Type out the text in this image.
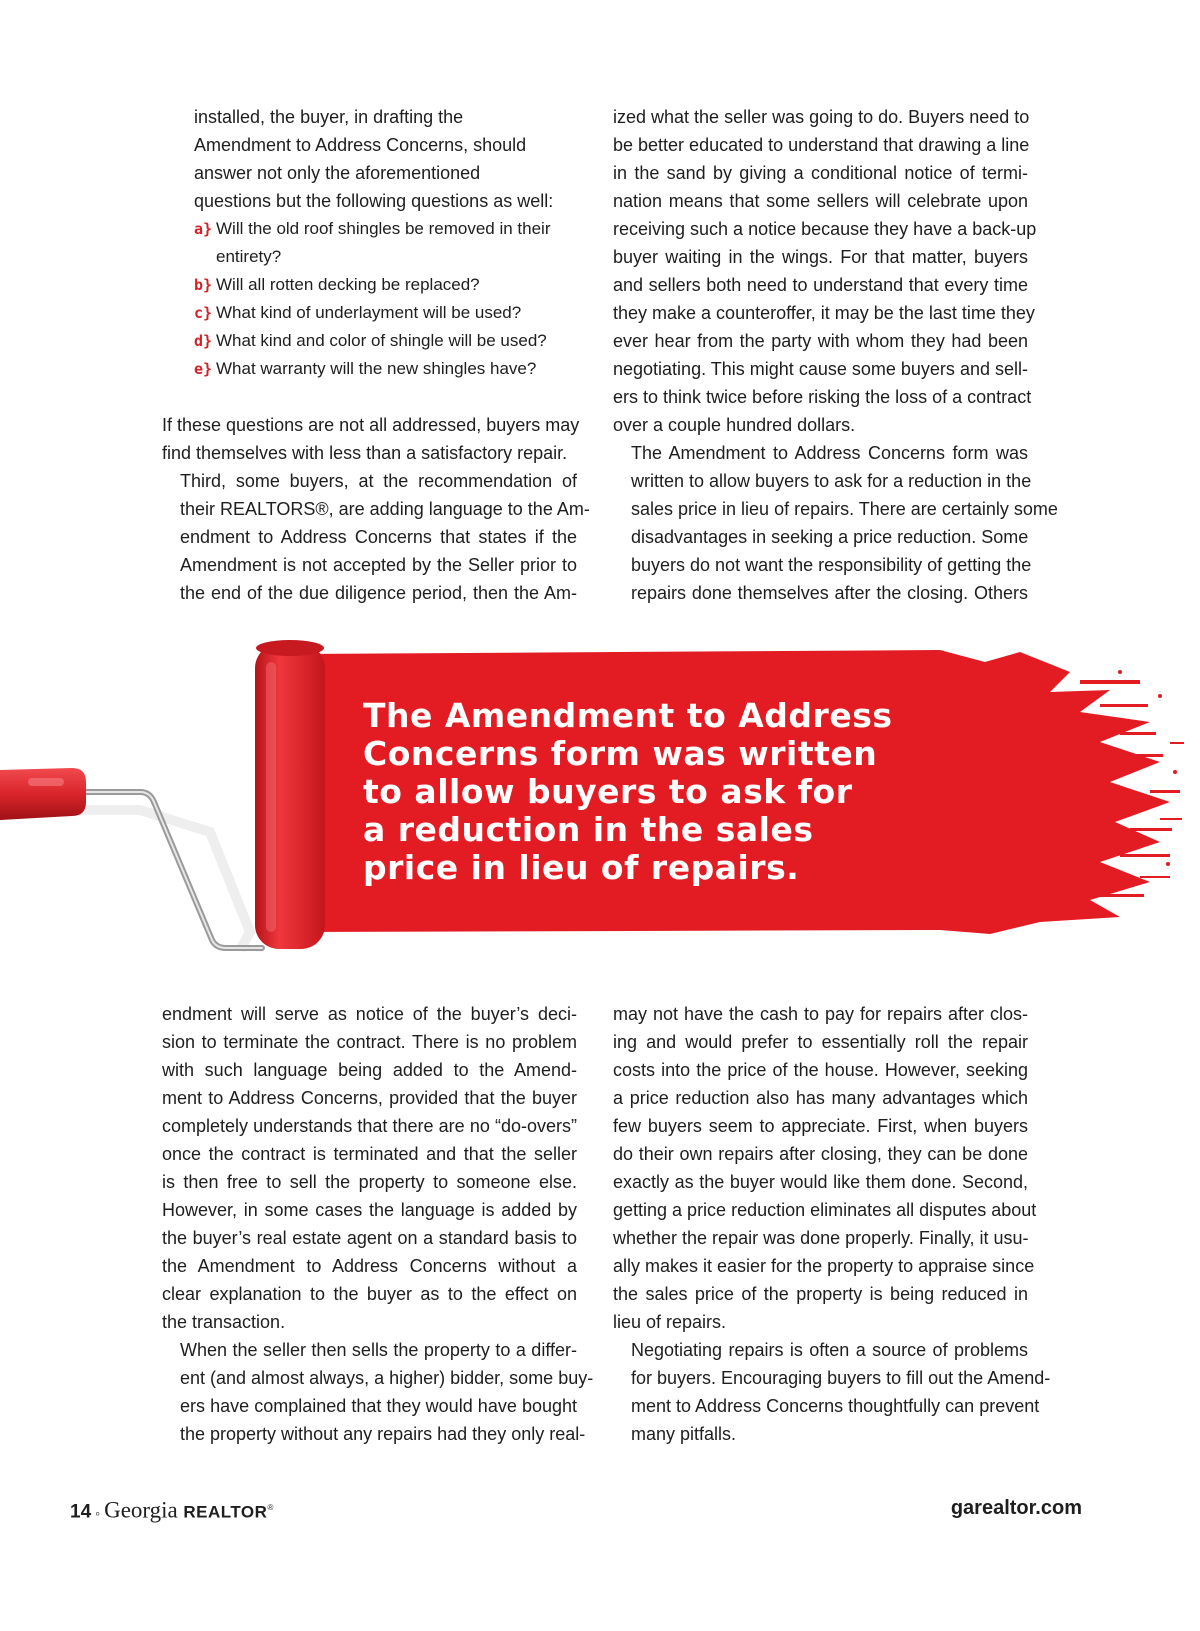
installed, the buyer, in drafting the Amendment to Address Concerns, should answer not only the aforementioned questions but the following questions as well:

a} Will the old roof shingles be removed in their entirety?
b} Will all rotten decking be replaced?
c} What kind of underlayment will be used?
d} What kind and color of shingle will be used?
e} What warranty will the new shingles have?

If these questions are not all addressed, buyers may
find themselves with less than a satisfactory repair.

Third, some buyers, at the recommendation of
their REALTORS®, are adding language to the Am-
endment to Address Concerns that states if the
Amendment is not accepted by the Seller prior to
the end of the due diligence period, then the Am-

ized what the seller was going to do. Buyers need to
be better educated to understand that drawing a line
in the sand by giving a conditional notice of termi-
nation means that some sellers will celebrate upon
receiving such a notice because they have a back-up
buyer waiting in the wings. For that matter, buyers
and sellers both need to understand that every time
they make a counteroffer, it may be the last time they
ever hear from the party with whom they had been
negotiating. This might cause some buyers and sell-
ers to think twice before risking the loss of a contract
over a couple hundred dollars.

The Amendment to Address Concerns form was
written to allow buyers to ask for a reduction in the
sales price in lieu of repairs. There are certainly some
disadvantages in seeking a price reduction. Some
buyers do not want the responsibility of getting the
repairs done themselves after the closing. Others

The Amendment to Address
Concerns form was written
to allow buyers to ask for
a reduction in the sales
price in lieu of repairs.

endment will serve as notice of the buyer’s deci-
sion to terminate the contract. There is no problem
with such language being added to the Amend-
ment to Address Concerns, provided that the buyer
completely understands that there are no “do-overs”
once the contract is terminated and that the seller
is then free to sell the property to someone else.
However, in some cases the language is added by
the buyer’s real estate agent on a standard basis to
the Amendment to Address Concerns without a
clear explanation to the buyer as to the effect on
the transaction.

When the seller then sells the property to a differ-
ent (and almost always, a higher) bidder, some buy-
ers have complained that they would have bought
the property without any repairs had they only real-

may not have the cash to pay for repairs after clos-
ing and would prefer to essentially roll the repair
costs into the price of the house. However, seeking
a price reduction also has many advantages which
few buyers seem to appreciate. First, when buyers
do their own repairs after closing, they can be done
exactly as the buyer would like them done. Second,
getting a price reduction eliminates all disputes about
whether the repair was done properly. Finally, it usu-
ally makes it easier for the property to appraise since
the sales price of the property is being reduced in
lieu of repairs.

Negotiating repairs is often a source of problems
for buyers. Encouraging buyers to fill out the Amend-
ment to Address Concerns thoughtfully can prevent
many pitfalls.

14 ◦ Georgia REALTOR®	garealtor.com
